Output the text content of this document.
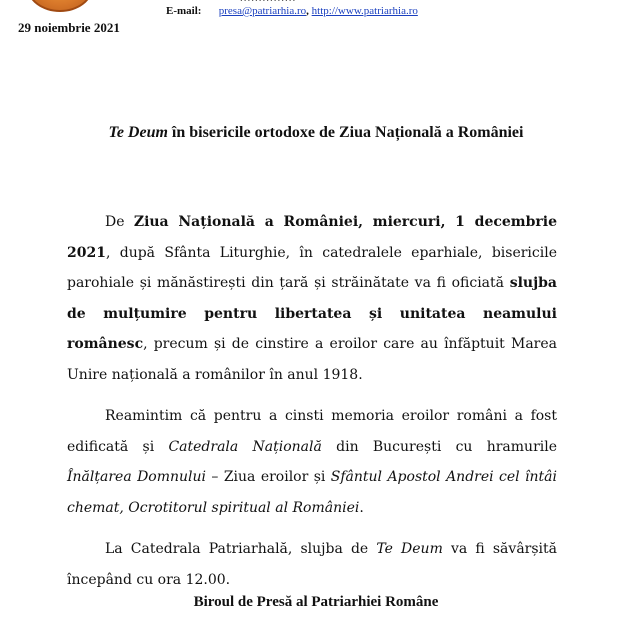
E-mail: presa@patriarhia.ro, http://www.patriarhia.ro
29 noiembrie 2021
Te Deum în bisericile ortodoxe de Ziua Națională a României

De Ziua Națională a României, miercuri, 1 decembrie 2021, după Sfânta Liturghie, în catedralele eparhiale, bisericile parohiale și mănăstirești din țară și străinătate va fi oficiată slujba de mulțumire pentru libertatea și unitatea neamului românesc, precum și de cinstire a eroilor care au înfăptuit Marea Unire națională a românilor în anul 1918.

Reamintim că pentru a cinsti memoria eroilor români a fost edificată și Catedrala Națională din București cu hramurile Înălțarea Domnului – Ziua eroilor și Sfântul Apostol Andrei cel întâi chemat, Ocrotitorul spiritual al României.

La Catedrala Patriarhală, slujba de Te Deum va fi săvârșită începând cu ora 12.00.

Biroul de Presă al Patriarhiei Române
